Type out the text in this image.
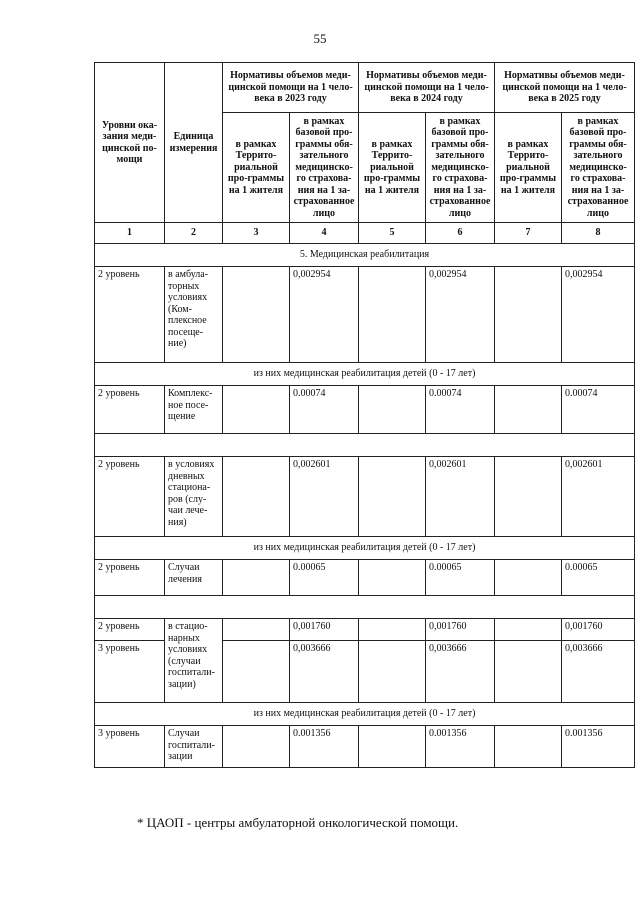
55
Уровни ока-зания меди-цинской по-мощи	Единица измерения	Нормативы объемов меди-цинской помощи на 1 чело-века в 2023 году		Нормативы объемов меди-цинской помощи на 1 чело-века в 2024 году		Нормативы объемов меди-цинской помощи на 1 чело-века в 2025 году	
		в рамках Террито-риальной про-граммы на 1 жителя	в рамках базовой про-граммы обя-зательного медицинско-го страхова-ния на 1 за-страхованное лицо	в рамках Террито-риальной про-граммы на 1 жителя	в рамках базовой про-граммы обя-зательного медицинско-го страхова-ния на 1 за-страхованное лицо	в рамках Террито-риальной про-граммы на 1 жителя	в рамках базовой про-граммы обя-зательного медицинско-го страхова-ния на 1 за-страхованное лицо
1	2	3	4	5	6	7	8
5. Медицинская реабилитация							
2 уровень	в амбула-торных условиях (Ком-плексное посеще-ние)		0,002954		0,002954		0,002954
из них медицинская реабилитация детей (0 - 17 лет)							
2 уровень	Комплекс-ное посе-щение		0.00074		0.00074		0.00074

2 уровень	в условиях дневных стациона-ров (слу-чаи лече-ния)		0,002601		0,002601		0,002601
из них медицинская реабилитация детей (0 - 17 лет)							
2 уровень	Случаи лечения		0.00065		0.00065		0.00065

2 уровень	в стацио-нарных условиях (случаи госпитали-зации)		0,001760		0,001760		0,001760
3 уровень			0,003666		0,003666		0,003666
из них медицинская реабилитация детей (0 - 17 лет)							
3 уровень	Случаи госпитали-зации		0.001356		0.001356		0.001356
* ЦАОП - центры амбулаторной онкологической помощи.
